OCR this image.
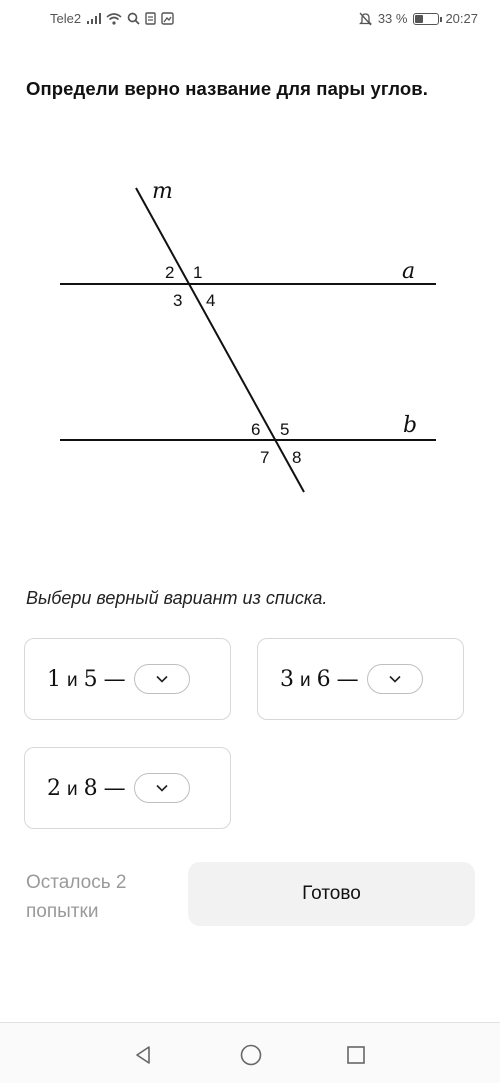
Tele2	33 %	20:27
Определи верно название для пары углов.
m
a
b
2 1
3 4
6 5
7 8
Выбери верный вариант из списка.
1 и 5 —	3 и 6 —
2 и 8 —
Осталось 2 попытки
Готово
